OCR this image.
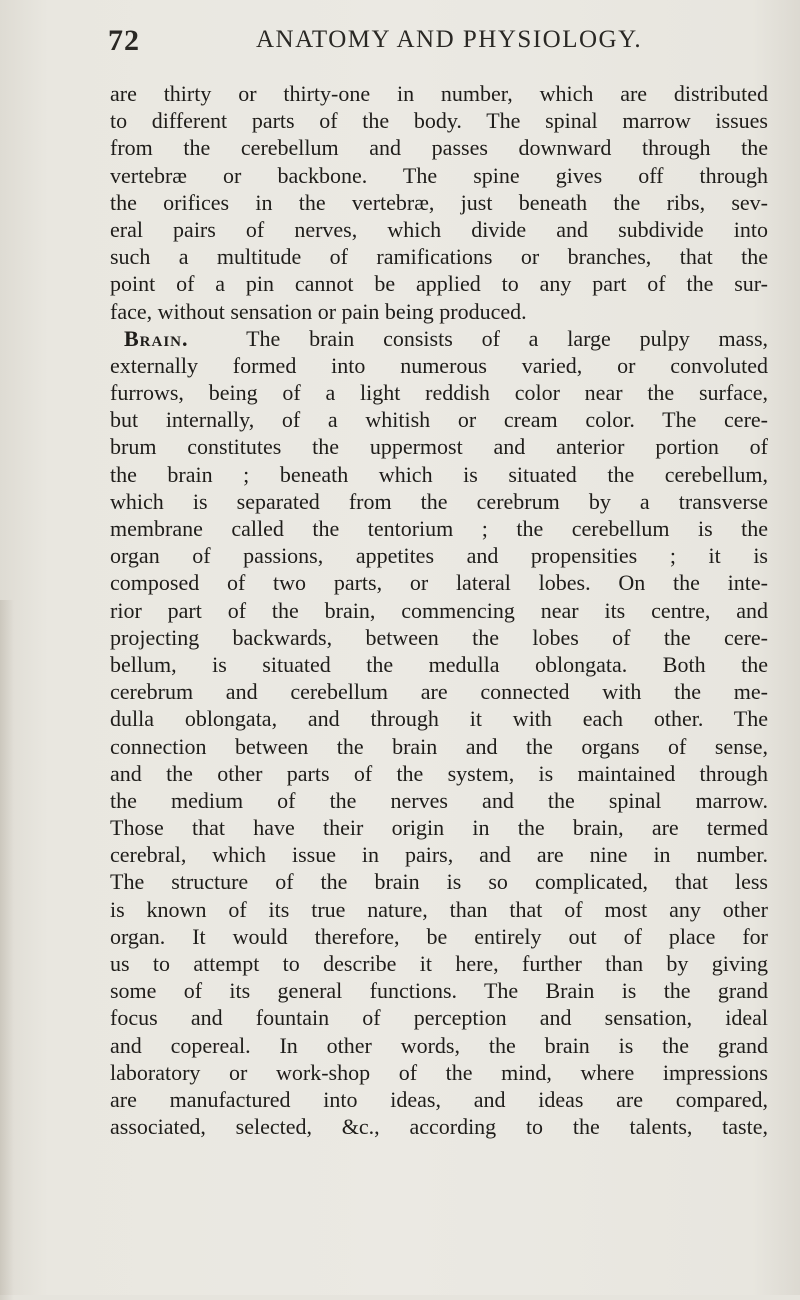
72	ANATOMY AND PHYSIOLOGY.
are thirty or thirty-one in number, which are distributed
to different parts of the body. The spinal marrow issues
from the cerebellum and passes downward through the
vertebræ or backbone. The spine gives off through
the orifices in the vertebræ, just beneath the ribs, sev-
eral pairs of nerves, which divide and subdivide into
such a multitude of ramifications or branches, that the
point of a pin cannot be applied to any part of the sur-
face, without sensation or pain being produced.
Brain.	The brain consists of a large pulpy mass,
externally formed into numerous varied, or convoluted
furrows, being of a light reddish color near the surface,
but internally, of a whitish or cream color. The cere-
brum constitutes the uppermost and anterior portion of
the brain ; beneath which is situated the cerebellum,
which is separated from the cerebrum by a transverse
membrane called the tentorium ; the cerebellum is the
organ of passions, appetites and propensities ; it is
composed of two parts, or lateral lobes. On the inte-
rior part of the brain, commencing near its centre, and
projecting backwards, between the lobes of the cere-
bellum, is situated the medulla oblongata. Both the
cerebrum and cerebellum are connected with the me-
dulla oblongata, and through it with each other. The
connection between the brain and the organs of sense,
and the other parts of the system, is maintained through
the medium of the nerves and the spinal marrow.
Those that have their origin in the brain, are termed
cerebral, which issue in pairs, and are nine in number.
The structure of the brain is so complicated, that less
is known of its true nature, than that of most any other
organ. It would therefore, be entirely out of place for
us to attempt to describe it here, further than by giving
some of its general functions. The Brain is the grand
focus and fountain of perception and sensation, ideal
and copereal. In other words, the brain is the grand
laboratory or work-shop of the mind, where impressions
are manufactured into ideas, and ideas are compared,
associated, selected, &c., according to the talents, taste,
